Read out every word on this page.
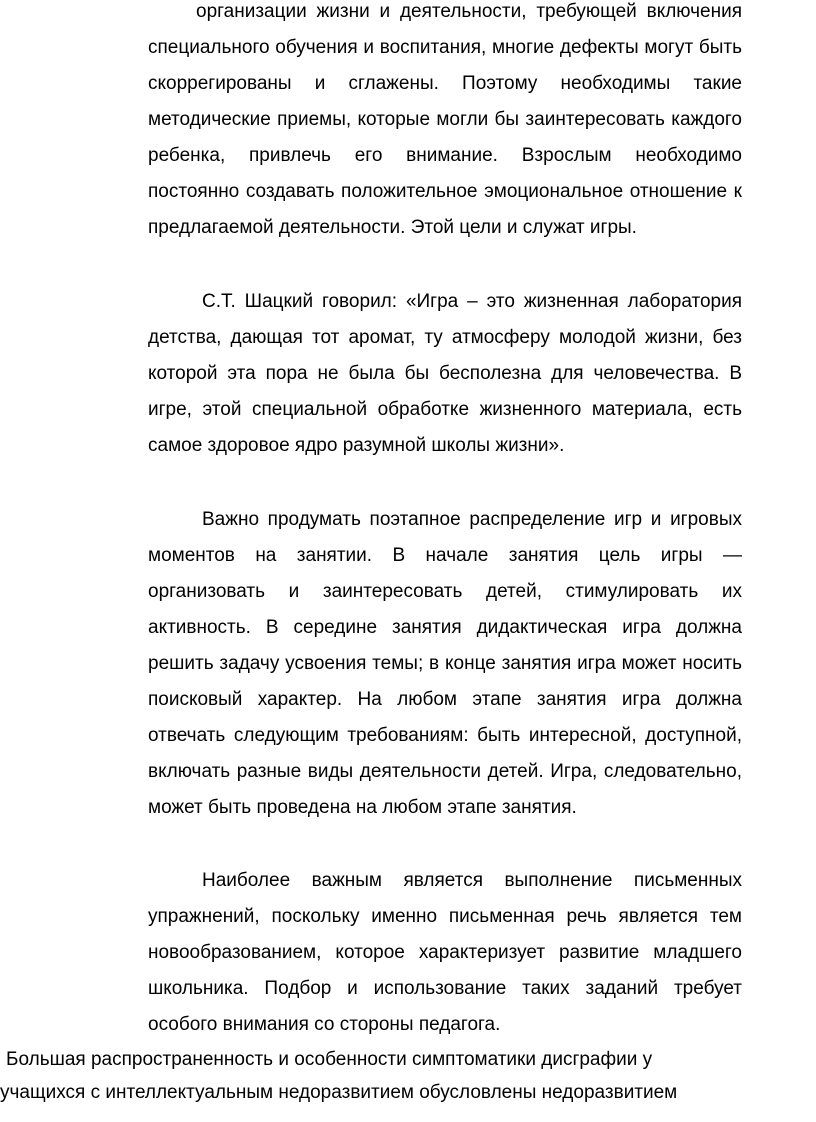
организации жизни и деятельности, требующей включения специального обучения и воспитания, многие дефекты могут быть скоррегированы и сглажены. Поэтому необходимы такие методические приемы, которые могли бы заинтересовать каждого ребенка, привлечь его внимание. Взрослым необходимо постоянно создавать положительное эмоциональное отношение к предлагаемой деятельности. Этой цели и служат игры.

С.Т. Шацкий говорил: «Игра – это жизненная лаборатория детства, дающая тот аромат, ту атмосферу молодой жизни, без которой эта пора не была бы бесполезна для человечества. В игре, этой специальной обработке жизненного материала, есть самое здоровое ядро разумной школы жизни».

Важно продумать поэтапное распределение игр и игровых моментов на занятии. В начале занятия цель игры — организовать и заинтересовать детей, стимулировать их активность. В середине занятия дидактическая игра должна решить задачу усвоения темы; в конце занятия игра может носить поисковый характер. На любом этапе занятия игра должна отвечать следующим требованиям: быть интересной, доступной, включать разные виды деятельности детей. Игра, следовательно, может быть проведена на любом этапе занятия.

Наиболее важным является выполнение письменных упражнений, поскольку именно письменная речь является тем новообразованием, которое характеризует развитие младшего школьника. Подбор и использование таких заданий требует особого внимания со стороны педагога.

Большая распространенность и особенности симптоматики дисграфии у

учащихся с интеллектуальным недоразвитием обусловлены недоразвитием
